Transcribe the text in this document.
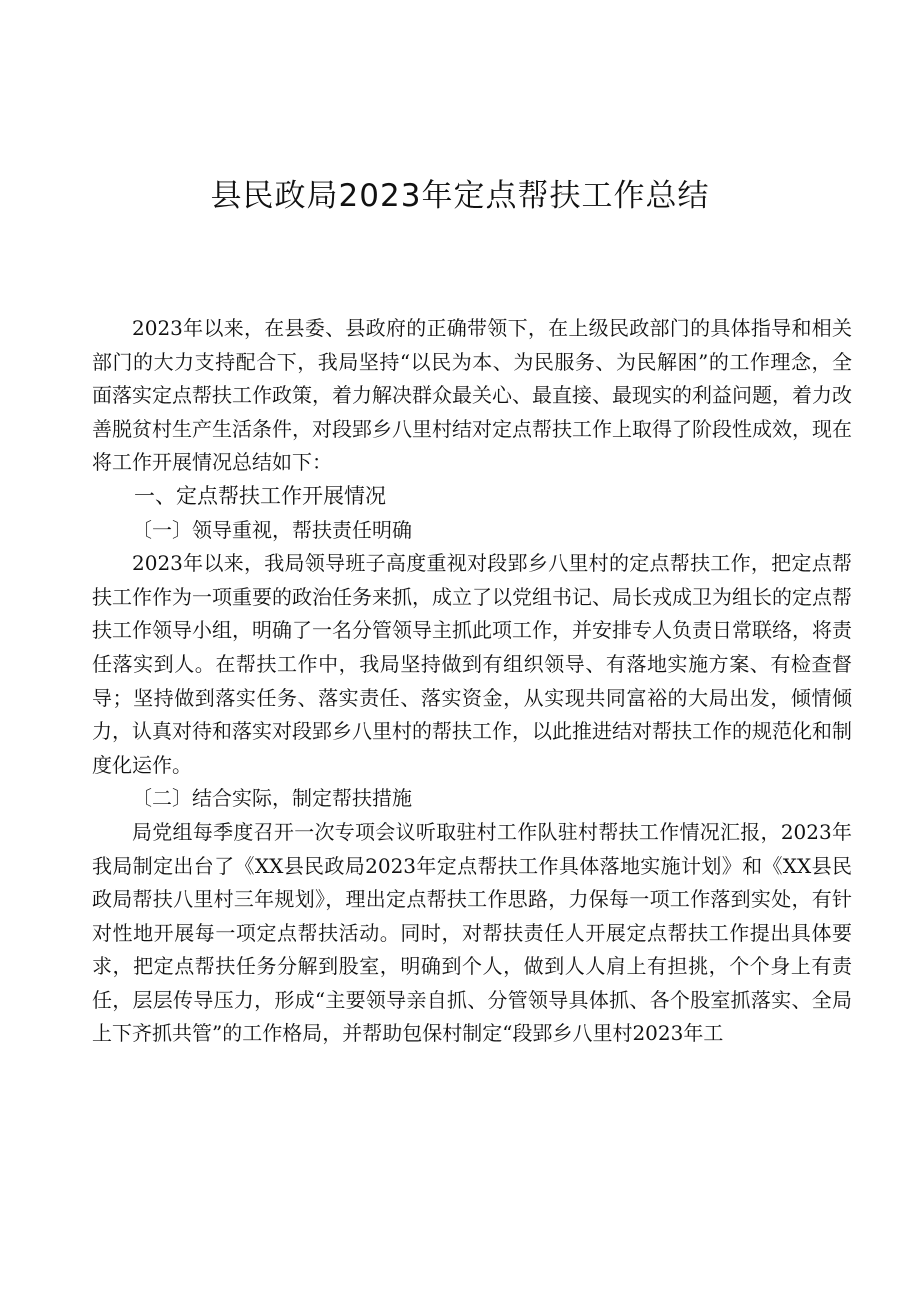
县民政局2023年定点帮扶工作总结

2023年以来，在县委、县政府的正确带领下，在上级民政部门的具体指导和相关部门的大力支持配合下，我局坚持“以民为本、为民服务、为民解困”的工作理念，全面落实定点帮扶工作政策，着力解决群众最关心、最直接、最现实的利益问题，着力改善脱贫村生产生活条件，对段郢乡八里村结对定点帮扶工作上取得了阶段性成效，现在将工作开展情况总结如下：

一、定点帮扶工作开展情况

〔一〕领导重视，帮扶责任明确

2023年以来，我局领导班子高度重视对段郢乡八里村的定点帮扶工作，把定点帮扶工作作为一项重要的政治任务来抓，成立了以党组书记、局长戎成卫为组长的定点帮扶工作领导小组，明确了一名分管领导主抓此项工作，并安排专人负责日常联络，将责任落实到人。在帮扶工作中，我局坚持做到有组织领导、有落地实施方案、有检查督导；坚持做到落实任务、落实责任、落实资金，从实现共同富裕的大局出发，倾情倾力，认真对待和落实对段郢乡八里村的帮扶工作，以此推进结对帮扶工作的规范化和制度化运作。

〔二〕结合实际，制定帮扶措施

局党组每季度召开一次专项会议听取驻村工作队驻村帮扶工作情况汇报，2023年我局制定出台了《XX县民政局2023年定点帮扶工作具体落地实施计划》和《XX县民政局帮扶八里村三年规划》，理出定点帮扶工作思路，力保每一项工作落到实处，有针对性地开展每一项定点帮扶活动。同时，对帮扶责任人开展定点帮扶工作提出具体要求，把定点帮扶任务分解到股室，明确到个人，做到人人肩上有担挑，个个身上有责任，层层传导压力，形成“主要领导亲自抓、分管领导具体抓、各个股室抓落实、全局上下齐抓共管”的工作格局，并帮助包保村制定“段郢乡八里村2023年工
